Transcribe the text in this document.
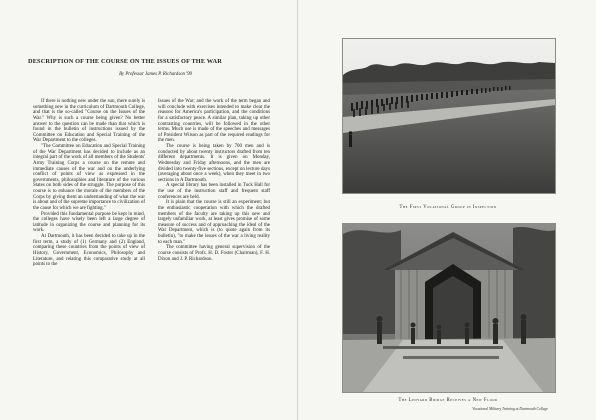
DESCRIPTION OF THE COURSE ON THE ISSUES OF THE WAR
By Professor James P. Richardson '99

If there is nothing new under the sun, there surely is something new in the curriculum of Dartmouth College, and that is the so-called "Course on the Issues of the War." Why is such a course being given? No better answer to the question can be made than that which is found in the bulletin of instructions issued by the Committee on Education and Special Training of the War Department to the colleges.

"The Committee on Education and Special Training of the War Department has decided to include as an integral part of the work of all members of the Students' Army Training Corps a course on the remote and immediate causes of the war and on the underlying conflict of points of view as expressed in the governments, philosophies and literature of the various States on both sides of the struggle. The purpose of this course is to enhance the morale of the members of the Corps by giving them an understanding of what the war is about and of the supreme importance to civilization of the cause for which we are fighting."

Provided this fundamental purpose be kept in mind, the colleges have wisely been left a large degree of latitude in organizing the course and planning for its work.

At Dartmouth, it has been decided to take up in the first term, a study of (1) Germany and (2) England, comparing these countries from the points of view of History, Government, Economics, Philosophy and Literature, and relating this comparative study at all points to the

Issues of the War; and the work of the term began and will conclude with exercises intended to make clear the reasons for America's participation, and the conditions for a satisfactory peace. A similar plan, taking up other contrasting countries, will be followed in the other terms. Much use is made of the speeches and messages of President Wilson as part of the required readings for the men.

The course is being taken by 700 men and is conducted by about twenty instructors drafted from ten different departments. It is given on Monday, Wednesday and Friday afternoons, and the men are divided into twenty-five sections, except on lecture days (averaging about once a week), when they meet in two sections in A Dartmouth.

A special library has been installed in Tuck Hall for the use of the instruction staff and frequent staff conferences are held.

It is plain that the course is still an experiment; but the enthusiastic cooperation with which the drafted members of the faculty are taking up this new and largely unfamiliar work, at least gives promise of some measure of success and of approaching the ideal of the War Department, which is (to quote again from its bulletin), "to make the issues of the war a living reality to each man."

The committee having general supervision of the course consists of Profs. H. D. Foster (Chairman), F. H. Dixon and J. P. Richardson.

The First Vocational Group in Inspection
The Ledyard Bridge Receives a New Floor
Vocational Military Training at Dartmouth College
